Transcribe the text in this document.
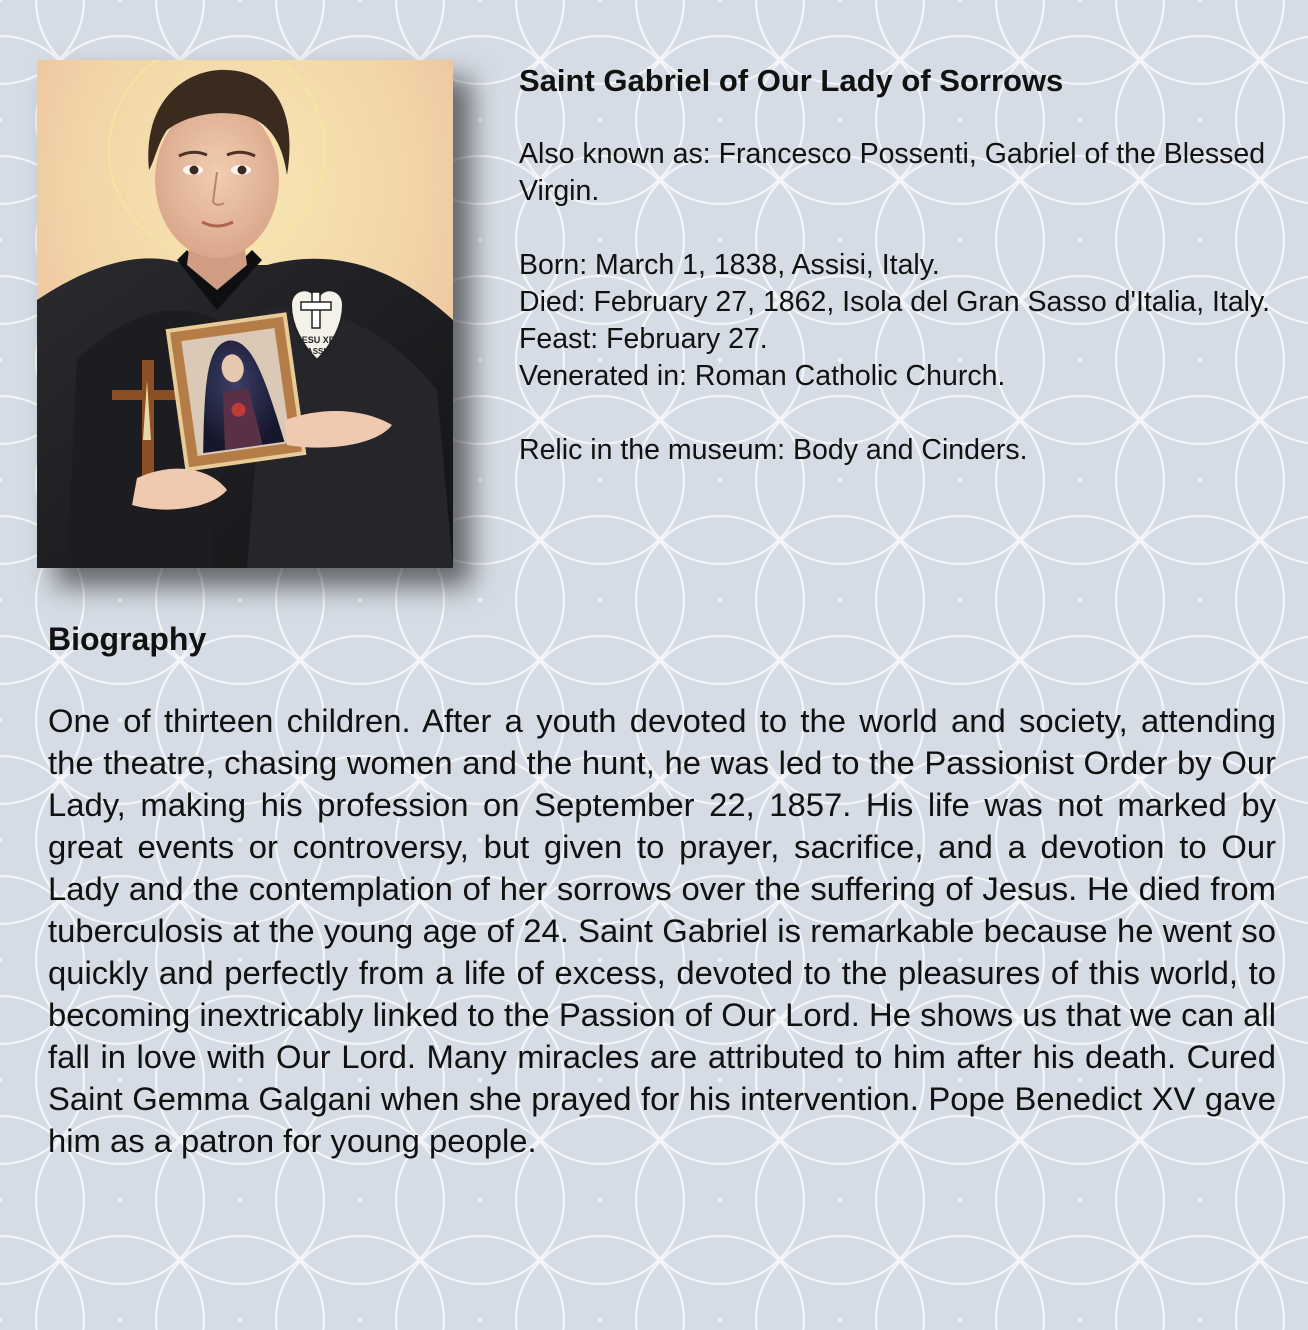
JESU XPI
PASSIO
Saint Gabriel of Our Lady of Sorrows

Also known as: Francesco Possenti, Gabriel of the Blessed Virgin.

Born: March 1, 1838, Assisi, Italy.

Died: February 27, 1862, Isola del Gran Sasso d'Italia, Italy.

Feast: February 27.

Venerated in: Roman Catholic Church.

Relic in the museum: Body and Cinders.

Biography

One of thirteen children. After a youth devoted to the world and society, attending the theatre, chasing women and the hunt, he was led to the Passionist Order by Our Lady, making his profession on September 22, 1857. His life was not marked by great events or controversy, but given to prayer, sacrifice, and a devotion to Our Lady and the contemplation of her sorrows over the suffering of Jesus. He died from tuberculosis at the young age of 24. Saint Gabriel is remarkable because he went so quickly and perfectly from a life of excess, devoted to the pleasures of this world, to becoming inextricably linked to the Passion of Our Lord. He shows us that we can all fall in love with Our Lord. Many miracles are attributed to him after his death. Cured Saint Gemma Galgani when she prayed for his intervention. Pope Benedict XV gave him as a patron for young people.
